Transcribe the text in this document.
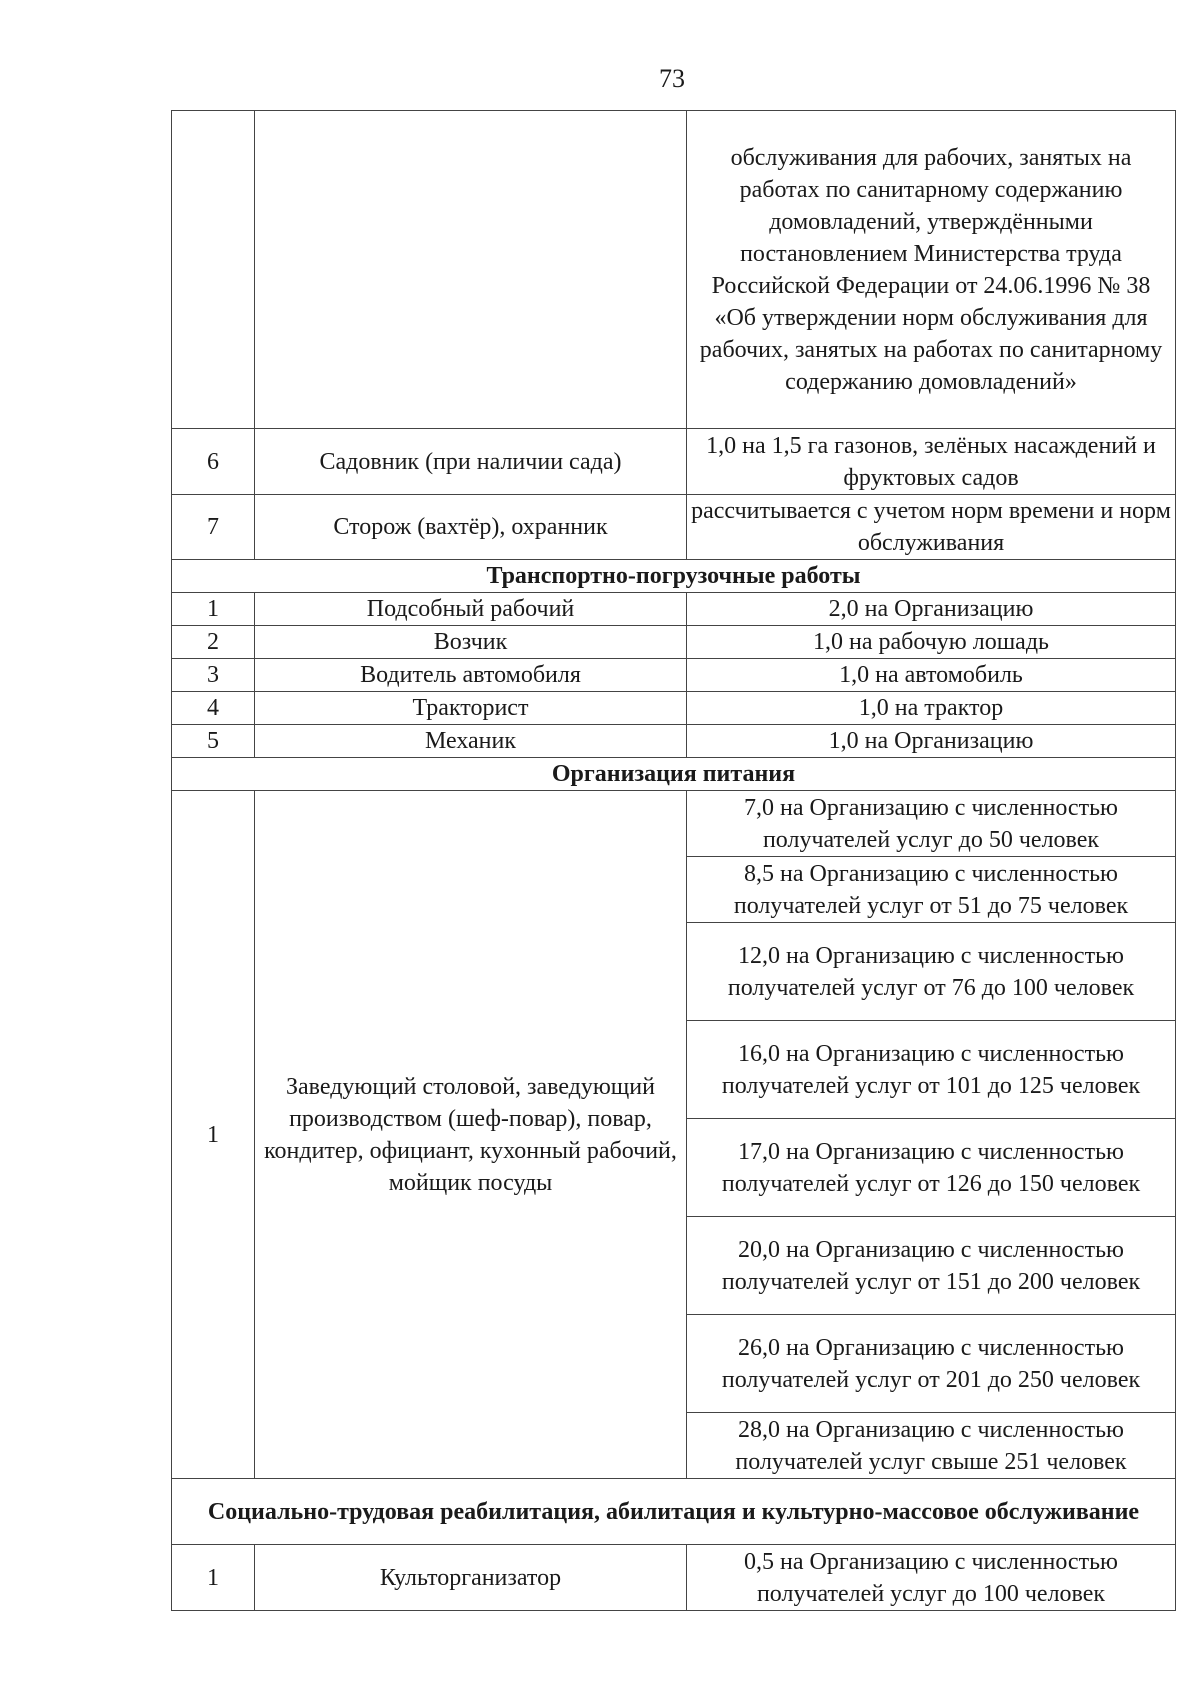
73
		обслуживания для рабочих, занятых на работах по санитарному содержанию домовладений, утверждёнными постановлением Министерства труда Российской Федерации от 24.06.1996 № 38 «Об утверждении норм обслуживания для рабочих, занятых на работах по санитарному содержанию домовладений»
6	Садовник (при наличии сада)	1,0 на 1,5 га газонов, зелёных насаждений и фруктовых садов
7	Сторож (вахтёр), охранник	рассчитывается с учетом норм времени и норм обслуживания
Транспортно-погрузочные работы		
1	Подсобный рабочий	2,0 на Организацию
2	Возчик	1,0 на рабочую лошадь
3	Водитель автомобиля	1,0 на автомобиль
4	Тракторист	1,0 на трактор
5	Механик	1,0 на Организацию
Организация питания		
1	Заведующий столовой, заведующий производством (шеф-повар), повар, кондитер, официант, кухонный рабочий, мойщик посуды	7,0 на Организацию с численностью получателей услуг до 50 человек
		8,5 на Организацию с численностью получателей услуг от 51 до 75 человек
		12,0 на Организацию с численностью получателей услуг от 76 до 100 человек
		16,0 на Организацию с численностью получателей услуг от 101 до 125 человек
		17,0 на Организацию с численностью получателей услуг от 126 до 150 человек
		20,0 на Организацию с численностью получателей услуг от 151 до 200 человек
		26,0 на Организацию с численностью получателей услуг от 201 до 250 человек
		28,0 на Организацию с численностью получателей услуг свыше 251 человек
Социально-трудовая реабилитация, абилитация и культурно-массовое обслуживание		
1	Культорганизатор	0,5 на Организацию с численностью получателей услуг до 100 человек
